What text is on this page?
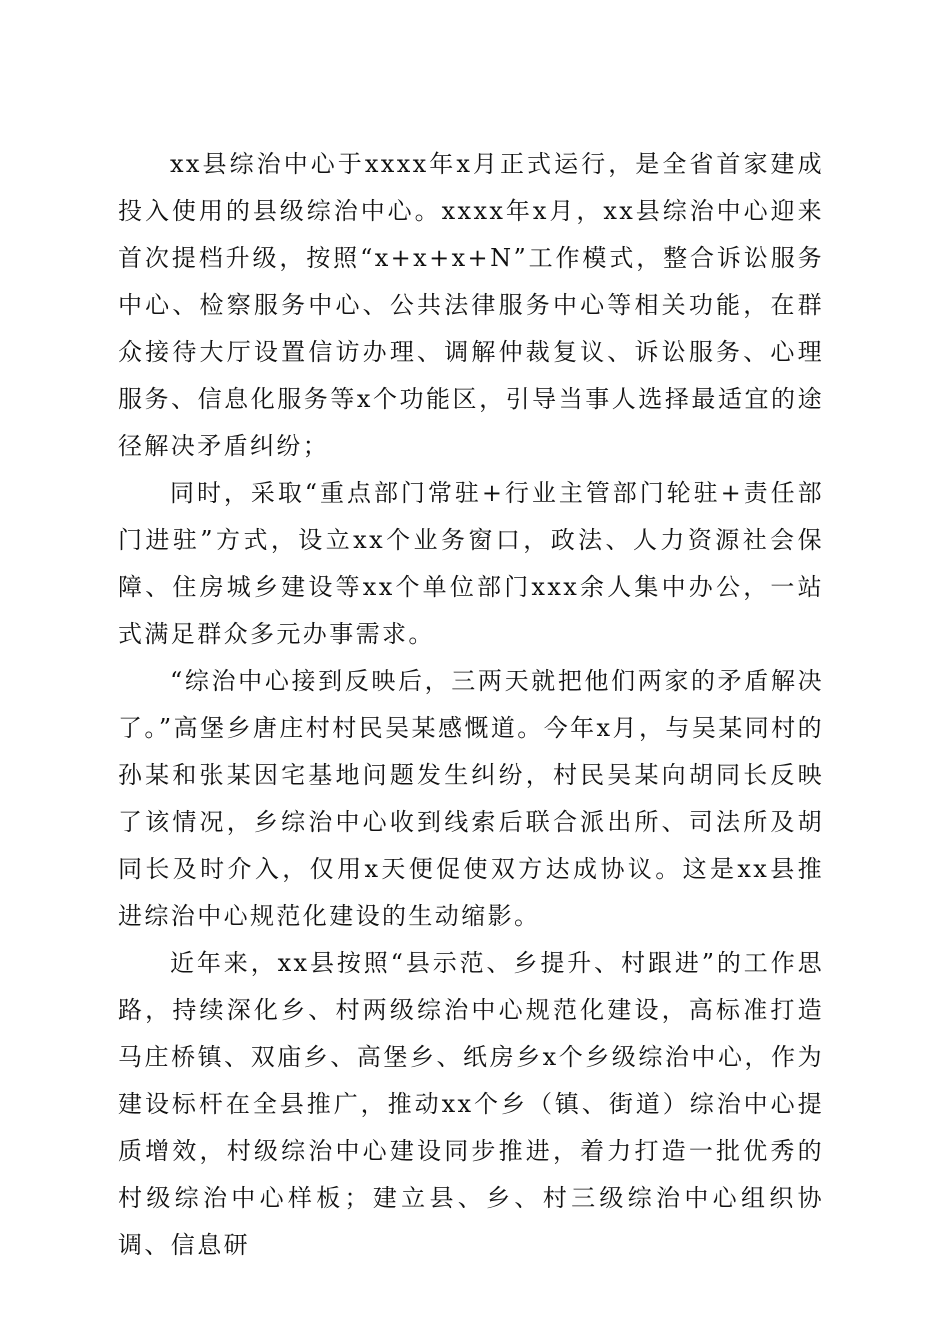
xx县综治中心于xxxx年x月正式运行，是全省首家建成投入使用的县级综治中心。xxxx年x月，xx县综治中心迎来首次提档升级，按照“x+x+x+N”工作模式，整合诉讼服务中心、检察服务中心、公共法律服务中心等相关功能，在群众接待大厅设置信访办理、调解仲裁复议、诉讼服务、心理服务、信息化服务等x个功能区，引导当事人选择最适宜的途径解决矛盾纠纷；

同时，采取“重点部门常驻+行业主管部门轮驻+责任部门进驻”方式，设立xx个业务窗口，政法、人力资源社会保障、住房城乡建设等xx个单位部门xxx余人集中办公，一站式满足群众多元办事需求。

“综治中心接到反映后，三两天就把他们两家的矛盾解决了。”高堡乡唐庄村村民吴某感慨道。今年x月，与吴某同村的孙某和张某因宅基地问题发生纠纷，村民吴某向胡同长反映了该情况，乡综治中心收到线索后联合派出所、司法所及胡同长及时介入，仅用x天便促使双方达成协议。这是xx县推进综治中心规范化建设的生动缩影。

近年来，xx县按照“县示范、乡提升、村跟进”的工作思路，持续深化乡、村两级综治中心规范化建设，高标准打造马庄桥镇、双庙乡、高堡乡、纸房乡x个乡级综治中心，作为建设标杆在全县推广，推动xx个乡（镇、街道）综治中心提质增效，村级综治中心建设同步推进，着力打造一批优秀的村级综治中心样板；建立县、乡、村三级综治中心组织协调、信息研
